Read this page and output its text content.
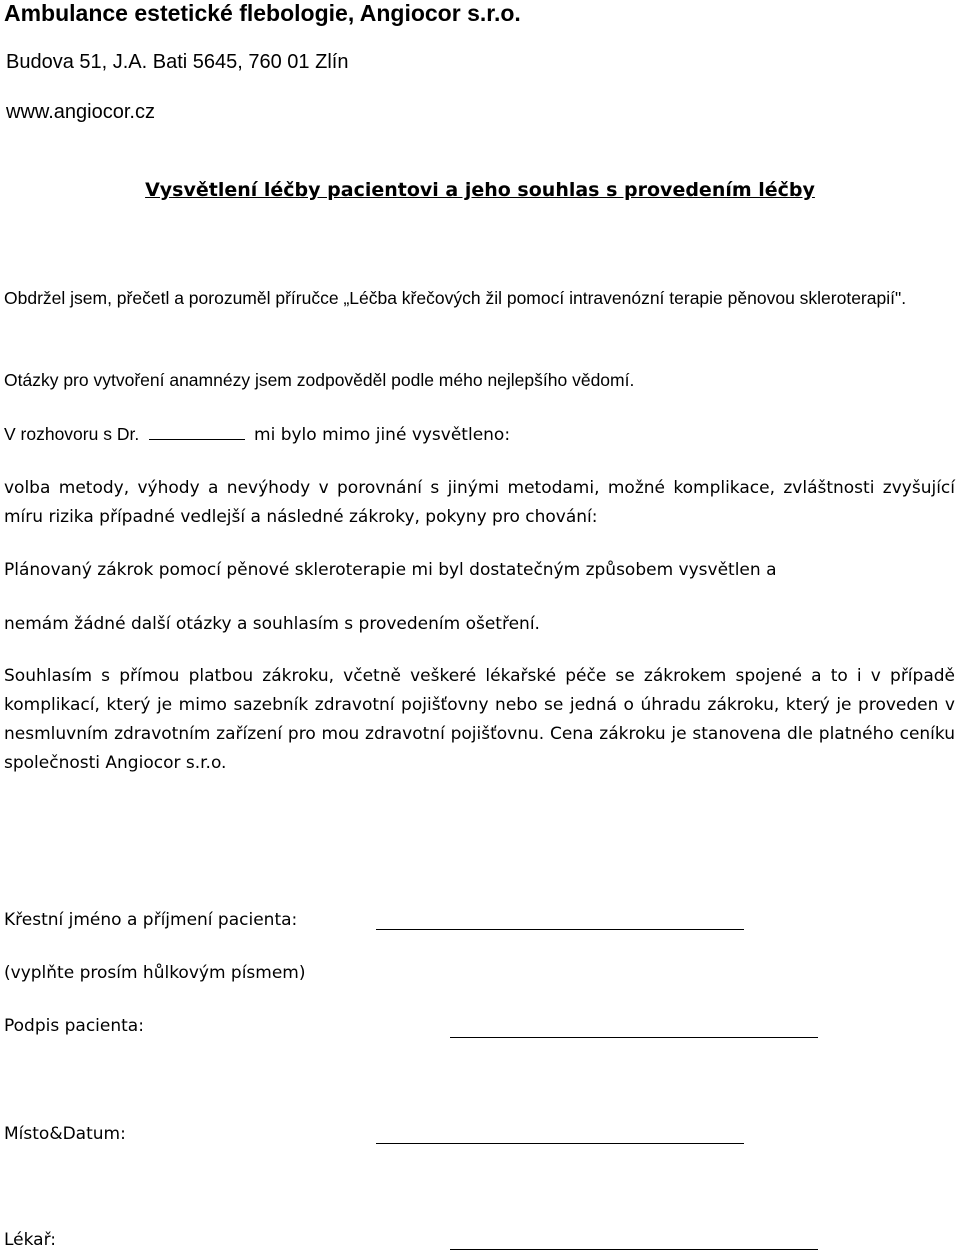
Ambulance estetické flebologie, Angiocor s.r.o.
Budova 51, J.A. Bati 5645, 760 01 Zlín
www.angiocor.cz
Vysvětlení léčby pacientovi a jeho souhlas s provedením léčby
Obdržel jsem, přečetl a porozuměl příručce „Léčba křečových žil pomocí intravenózní terapie pěnovou skleroterapií".
Otázky pro vytvoření anamnézy jsem zodpověděl podle mého nejlepšího vědomí.
V rozhovoru s Dr.	mi bylo mimo jiné vysvětleno:
volba metody, výhody a nevýhody v porovnání s jinými metodami, možné komplikace, zvláštnosti zvyšující míru rizika případné vedlejší a následné zákroky, pokyny pro chování:
Plánovaný zákrok pomocí pěnové skleroterapie mi byl dostatečným způsobem vysvětlen a
nemám žádné další otázky a souhlasím s provedením ošetření.
Souhlasím s přímou platbou zákroku, včetně veškeré lékařské péče se zákrokem spojené a to i v případě komplikací, který je mimo sazebník zdravotní pojišťovny nebo se jedná o úhradu zákroku, který je proveden v nesmluvním zdravotním zařízení pro mou zdravotní pojišťovnu. Cena zákroku je stanovena dle platného ceníku společnosti Angiocor s.r.o.
Křestní jméno a příjmení pacienta:
(vyplňte prosím hůlkovým písmem)
Podpis pacienta:
Místo&Datum:
Lékař:
